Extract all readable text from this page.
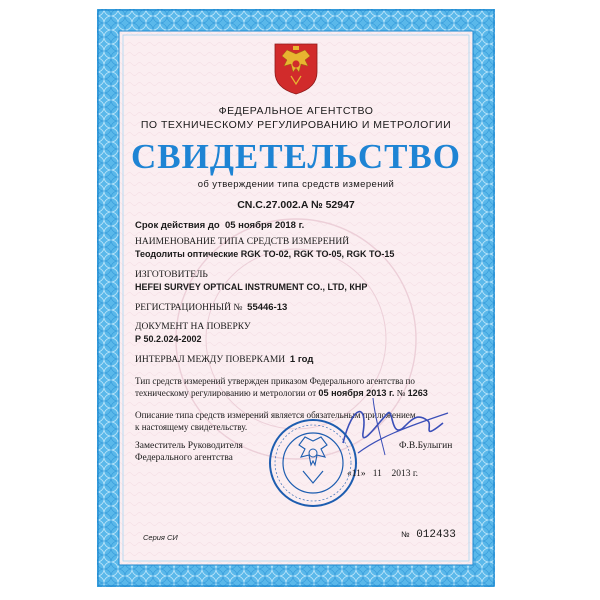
ФЕДЕРАЛЬНОЕ АГЕНТСТВО

ПО ТЕХНИЧЕСКОМУ РЕГУЛИРОВАНИЮ И МЕТРОЛОГИИ

СВИДЕТЕЛЬСТВО

об утверждении типа средств измерений

CN.C.27.002.A № 52947

Срок действия до 05 ноября 2018 г.

НАИМЕНОВАНИЕ ТИПА СРЕДСТВ ИЗМЕРЕНИЙ

Теодолиты оптические RGK TO-02, RGK TO-05, RGK TO-15

ИЗГОТОВИТЕЛЬ

HEFEI SURVEY OPTICAL INSTRUMENT CO., LTD, КНР

РЕГИСТРАЦИОННЫЙ № 55446-13

ДОКУМЕНТ НА ПОВЕРКУ

Р 50.2.024-2002

ИНТЕРВАЛ МЕЖДУ ПОВЕРКАМИ 1 год

Тип средств измерений утвержден приказом Федерального агентства по

техническому регулированию и метрологии от 05 ноября 2013 г. № 1263

Описание типа средств измерений является обязательным приложением

к настоящему свидетельству.

Заместитель Руководителя

Федерального агентства

Ф.В.Булыгин

«11»   11 2013 г.

Серия СИ	№ 012433
